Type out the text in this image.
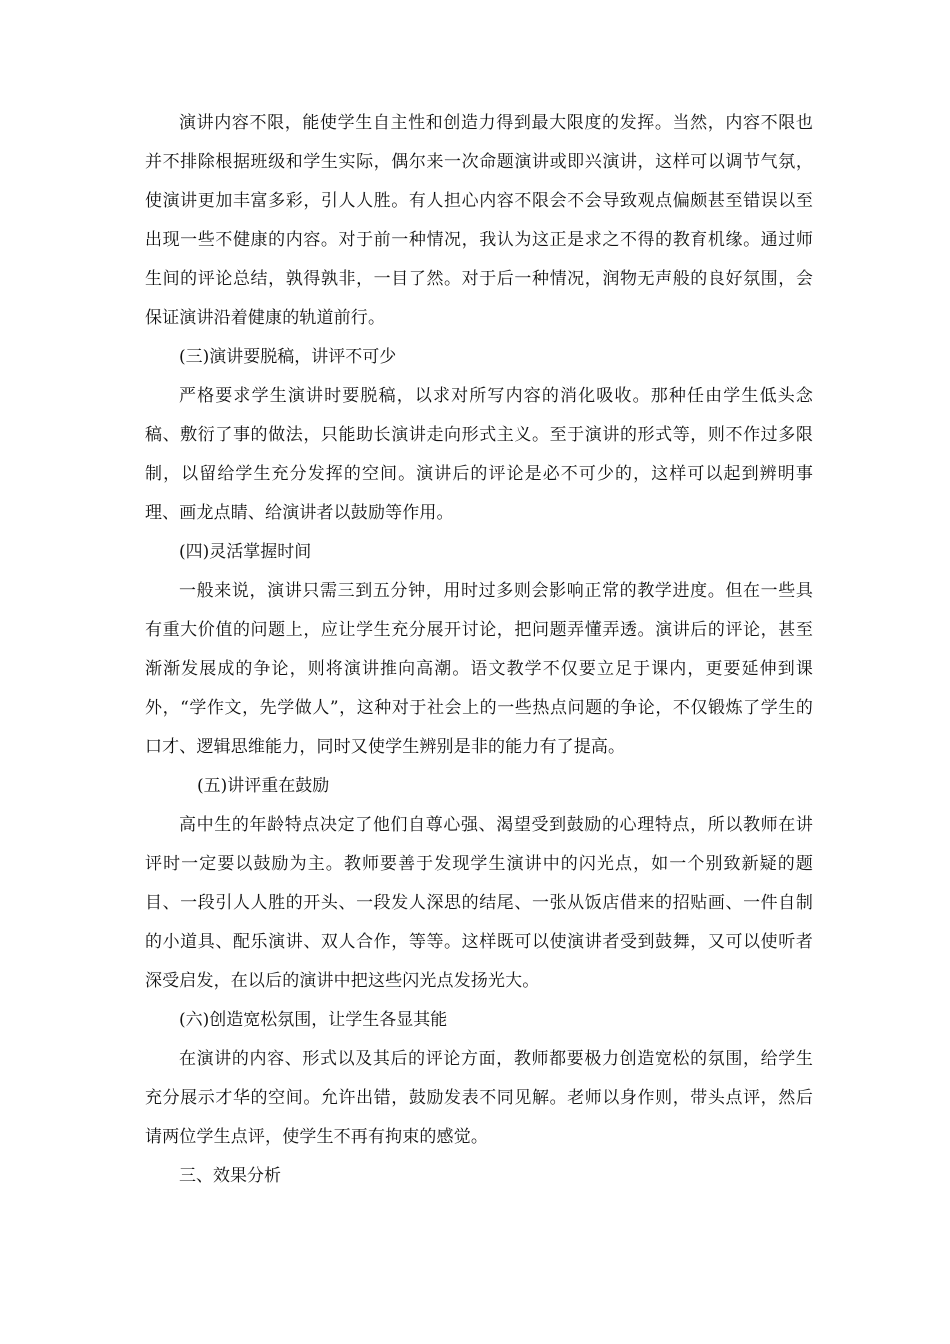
演讲内容不限，能使学生自主性和创造力得到最大限度的发挥。当然，内容不限也并不排除根据班级和学生实际，偶尔来一次命题演讲或即兴演讲，这样可以调节气氛，使演讲更加丰富多彩，引人人胜。有人担心内容不限会不会导致观点偏颇甚至错误以至出现一些不健康的内容。对于前一种情况，我认为这正是求之不得的教育机缘。通过师生间的评论总结，孰得孰非，一目了然。对于后一种情况，润物无声般的良好氛围，会保证演讲沿着健康的轨道前行。

(三)演讲要脱稿，讲评不可少

严格要求学生演讲时要脱稿，以求对所写内容的消化吸收。那种任由学生低头念稿、敷衍了事的做法，只能助长演讲走向形式主义。至于演讲的形式等，则不作过多限制，以留给学生充分发挥的空间。演讲后的评论是必不可少的，这样可以起到辨明事理、画龙点睛、给演讲者以鼓励等作用。

(四)灵活掌握时间

一般来说，演讲只需三到五分钟，用时过多则会影响正常的教学进度。但在一些具有重大价值的问题上，应让学生充分展开讨论，把问题弄懂弄透。演讲后的评论，甚至渐渐发展成的争论，则将演讲推向高潮。语文教学不仅要立足于课内，更要延伸到课外，“学作文，先学做人”，这种对于社会上的一些热点问题的争论，不仅锻炼了学生的口才、逻辑思维能力，同时又使学生辨别是非的能力有了提高。

(五)讲评重在鼓励

高中生的年龄特点决定了他们自尊心强、渴望受到鼓励的心理特点，所以教师在讲评时一定要以鼓励为主。教师要善于发现学生演讲中的闪光点，如一个别致新疑的题目、一段引人人胜的开头、一段发人深思的结尾、一张从饭店借来的招贴画、一件自制的小道具、配乐演讲、双人合作，等等。这样既可以使演讲者受到鼓舞，又可以使听者深受启发，在以后的演讲中把这些闪光点发扬光大。

(六)创造宽松氛围，让学生各显其能

在演讲的内容、形式以及其后的评论方面，教师都要极力创造宽松的氛围，给学生充分展示才华的空间。允许出错，鼓励发表不同见解。老师以身作则，带头点评，然后请两位学生点评，使学生不再有拘束的感觉。

三、效果分析
